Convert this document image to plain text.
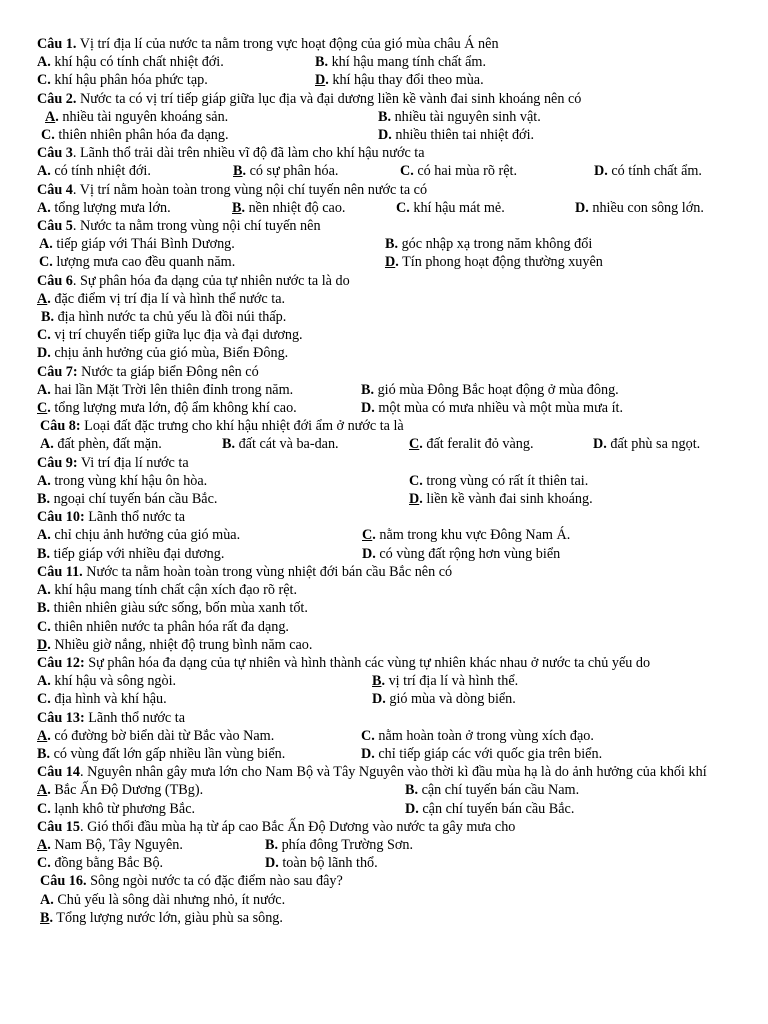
Câu 1. Vị trí địa lí của nước ta nằm trong vực hoạt động của gió mùa châu Á nên
A. khí hậu có tính chất nhiệt đới.	B. khí hậu mang tính chất ẩm.
C. khí hậu phân hóa phức tạp.	D. khí hậu thay đổi theo mùa.
Câu 2. Nước ta có vị trí tiếp giáp giữa lục địa và đại dương liền kề vành đai sinh khoáng nên có
A. nhiều tài nguyên khoáng sản.	B. nhiều tài nguyên sinh vật.
C. thiên nhiên phân hóa đa dạng.	D. nhiều thiên tai nhiệt đới.
Câu 3. Lãnh thổ trải dài trên nhiều vĩ độ đã làm cho khí hậu nước ta
A. có tính nhiệt đới.	B. có sự phân hóa.	C. có hai mùa rõ rệt.	D. có tính chất ẩm.
Câu 4. Vị trí nằm hoàn toàn trong vùng nội chí tuyến nên nước ta có
A. tổng lượng mưa lớn.	B. nền nhiệt độ cao.	C. khí hậu mát mẻ.	D. nhiều con sông lớn.
Câu 5. Nước ta nằm trong vùng nội chí tuyến nên
A. tiếp giáp với Thái Bình Dương.	B. góc nhập xạ trong năm không đổi
C. lượng mưa cao đều quanh năm.	D. Tín phong hoạt động thường xuyên
Câu 6. Sự phân hóa đa dạng của tự nhiên nước ta là do
A. đặc điểm vị trí địa lí và hình thể nước ta.
B. địa hình nước ta chủ yếu là đồi núi thấp.
C. vị trí chuyển tiếp giữa lục địa và đại dương.
D. chịu ảnh hưởng của gió mùa, Biển Đông.
Câu 7: Nước ta giáp biển Đông nên có
A. hai lần Mặt Trời lên thiên đỉnh trong năm.	B. gió mùa Đông Bắc hoạt động ở mùa đông.
C. tổng lượng mưa lớn, độ ẩm không khí cao.	D. một mùa có mưa nhiều và một mùa mưa ít.
Câu 8: Loại đất đặc trưng cho khí hậu nhiệt đới ẩm ở nước ta là
A. đất phèn, đất mặn.	B. đất cát và ba-dan.	C. đất feralit đỏ vàng.	D. đất phù sa ngọt.
Câu 9: Vi trí địa lí nước ta
A. trong vùng khí hậu ôn hòa.	C. trong vùng có rất ít thiên tai.
B. ngoại chí tuyến bán cầu Bắc.	D. liền kề vành đai sinh khoáng.
Câu 10: Lãnh thổ nước ta
A. chỉ chịu ảnh hưởng của gió mùa.	C. nằm trong khu vực Đông Nam Á.
B. tiếp giáp với nhiều đại dương.	D. có vùng đất rộng hơn vùng biển
Câu 11. Nước ta nằm hoàn toàn trong vùng nhiệt đới bán cầu Bắc nên có
A. khí hậu mang tính chất cận xích đạo rõ rệt.
B. thiên nhiên giàu sức sống, bốn mùa xanh tốt.
C. thiên nhiên nước ta phân hóa rất đa dạng.
D. Nhiều giờ nắng, nhiệt độ trung bình năm cao.
Câu 12: Sự phân hóa đa dạng của tự nhiên và hình thành các vùng tự nhiên khác nhau ở nước ta chủ yếu do
A. khí hậu và sông ngòi.	B. vị trí địa lí và hình thể.
C. địa hình và khí hậu.	D. gió mùa và dòng biển.
Câu 13: Lãnh thổ nước ta
A. có đường bờ biển dài từ Bắc vào Nam.	C. nằm hoàn toàn ở trong vùng xích đạo.
B. có vùng đất lớn gấp nhiều lần vùng biển.	D. chỉ tiếp giáp các với quốc gia trên biển.
Câu 14. Nguyên nhân gây mưa lớn cho Nam Bộ và Tây Nguyên vào thời kì đầu mùa hạ là do ảnh hưởng của khối khí
A. Bắc Ấn Độ Dương (TBg).	B. cận chí tuyến bán cầu Nam.
C. lạnh khô từ phương Bắc.	D. cận chí tuyến bán cầu Bắc.
Câu 15. Gió thổi đầu mùa hạ từ áp cao Bắc Ấn Độ Dương vào nước ta gây mưa cho
A. Nam Bộ, Tây Nguyên.	B. phía đông Trường Sơn.
C. đồng bằng Bắc Bộ.	D. toàn bộ lãnh thổ.
Câu 16. Sông ngòi nước ta có đặc điểm nào sau đây?
A. Chủ yếu là sông dài nhưng nhỏ, ít nước.
B. Tổng lượng nước lớn, giàu phù sa sông.
